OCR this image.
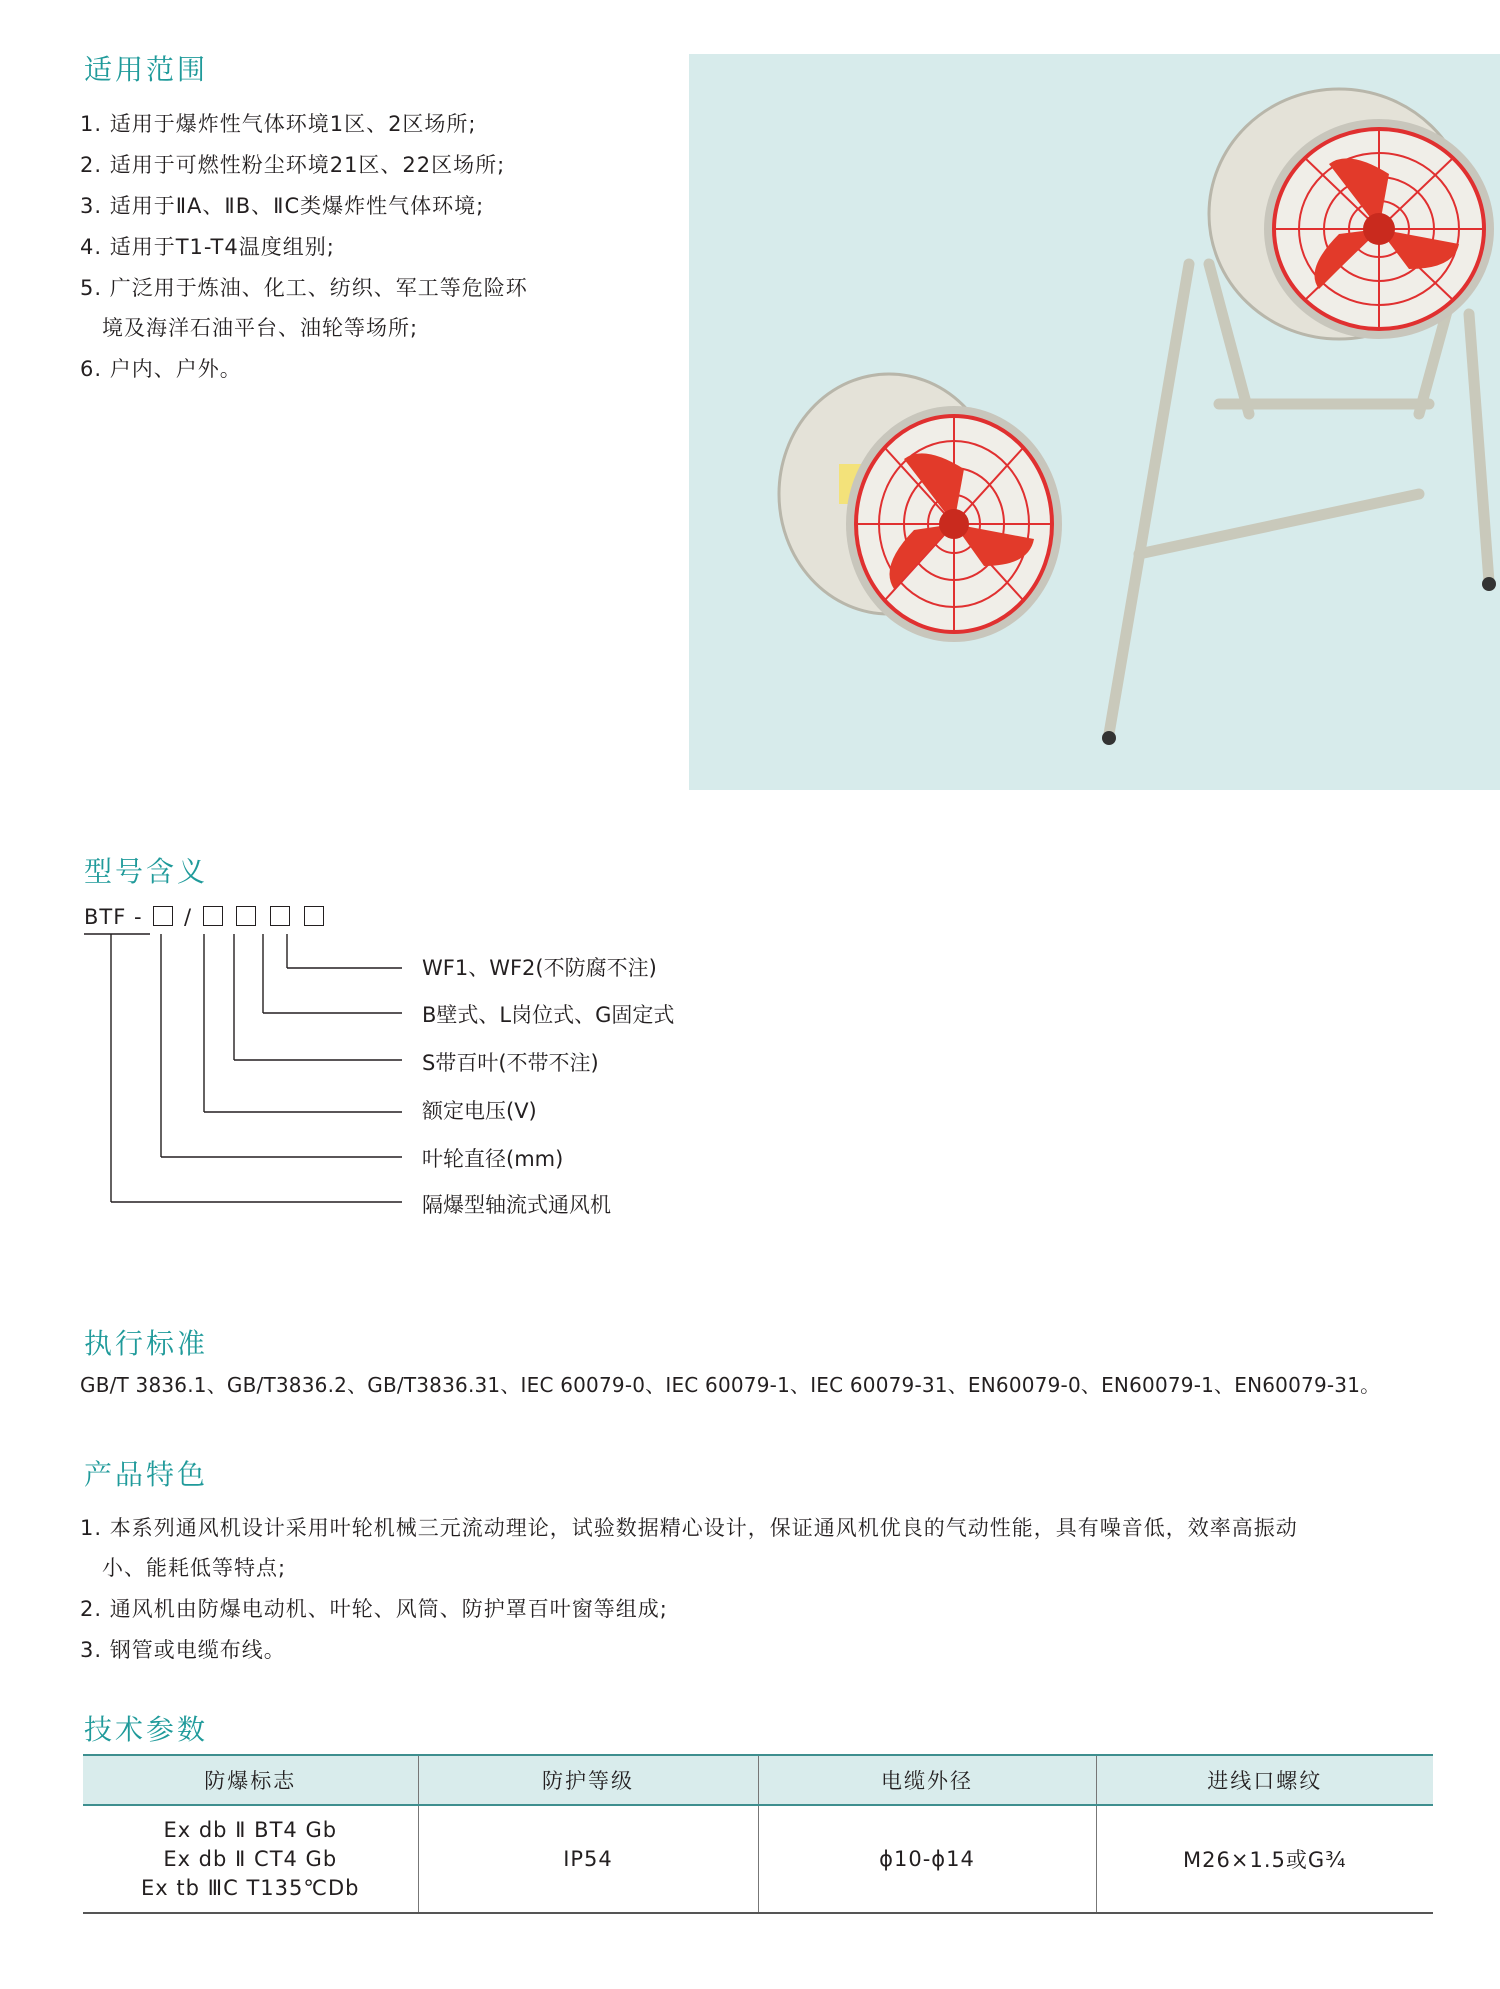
适用范围
1. 适用于爆炸性气体环境1区、2区场所;
2. 适用于可燃性粉尘环境21区、22区场所;
3. 适用于ⅡA、ⅡB、ⅡC类爆炸性气体环境;
4. 适用于T1-T4温度组别;
5. 广泛用于炼油、化工、纺织、军工等危险环
境及海洋石油平台、油轮等场所;
6. 户内、户外。
型号含义
BTF - /
WF1、WF2(不防腐不注)
B壁式、L岗位式、G固定式
S带百叶(不带不注)
额定电压(V)
叶轮直径(mm)
隔爆型轴流式通风机
执行标准

GB/T 3836.1、GB/T3836.2、GB/T3836.31、IEC 60079-0、IEC 60079-1、IEC 60079-31、EN60079-0、EN60079-1、EN60079-31。

产品特色
1. 本系列通风机设计采用叶轮机械三元流动理论，试验数据精心设计，保证通风机优良的气动性能，具有噪音低，效率高振动
小、能耗低等特点;
2. 通风机由防爆电动机、叶轮、风筒、防护罩百叶窗等组成;
3. 钢管或电缆布线。
技术参数
防爆标志	防护等级	电缆外径	进线口螺纹

Ex db Ⅱ BT4 Gb
Ex db Ⅱ CT4 Gb
Ex tb ⅢC T135℃Db	IP54	ϕ10-ϕ14	M26×1.5或G¾
